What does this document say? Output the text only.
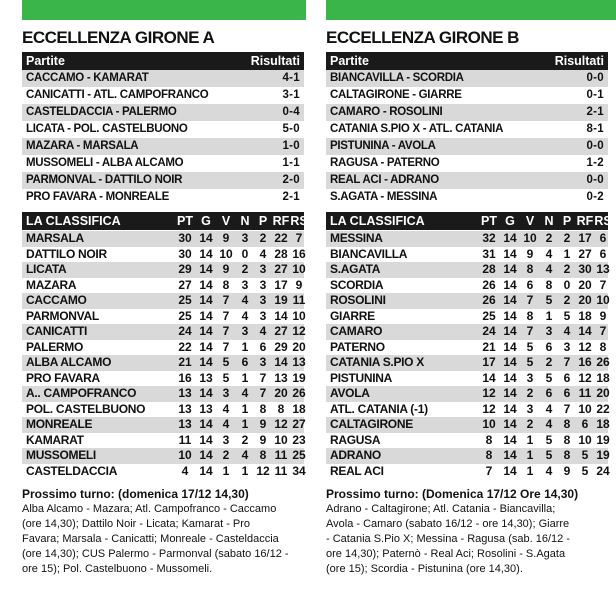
ECCELLENZA GIRONE A
Partite	Risultati
CACCAMO - KAMARAT	4-1
CANICATTI - ATL. CAMPOFRANCO	3-1
CASTELDACCIA - PALERMO	0-4
LICATA - POL. CASTELBUONO	5-0
MAZARA - MARSALA	1-0
MUSSOMELI - ALBA ALCAMO	1-1
PARMONVAL - DATTILO NOIR	2-0
PRO FAVARA - MONREALE	2-1
LA CLASSIFICA	PT G V N P RF RS
MARSALA	30 14 9	3 2 22 7
DATTILO NOIR	30 14 10 0 4 28 16
LICATA	29 14 9	2 3 27 10
MAZARA	27 14 8	3 3 17 9
CACCAMO	25 14 7	4 3 19 11
PARMONVAL	25 14 7	4 3 14 10
CANICATTI	24 14 7	3 4 27 12
PALERMO	22 14 7	1 6 29 20
ALBA ALCAMO	21 14 5	6 3 14 13
PRO FAVARA	16 13 5	1 7 13 19
A.. CAMPOFRANCO	13 14 3	4 7 20 26
POL. CASTELBUONO	13 13 4	1 8 8 18
MONREALE	13 14 4	1 9 12 27
KAMARAT	11 14 3	2 9 10 23
MUSSOMELI	10 14 2	4 8 11 25
CASTELDACCIA	4 14 1	1 12 11 34
Prossimo turno: (domenica 17/12 14,30)
Alba Alcamo - Mazara; Atl. Campofranco - Caccamo
(ore 14,30); Dattilo Noir - Licata; Kamarat - Pro
Favara; Marsala - Canicatti; Monreale - Casteldaccia
(ore 14,30); CUS Palermo - Parmonval (sabato 16/12 -
ore 15); Pol. Castelbuono - Mussomeli.
ECCELLENZA GIRONE B
Partite	Risultati
BIANCAVILLA - SCORDIA	0-0
CALTAGIRONE - GIARRE	0-1
CAMARO - ROSOLINI	2-1
CATANIA S.PIO X - ATL. CATANIA	8-1
PISTUNINA - AVOLA	0-0
RAGUSA - PATERNO	1-2
REAL ACI - ADRANO	0-0
S.AGATA - MESSINA	0-2
LA CLASSIFICA	PT G V N P RF RS
MESSINA	32 14 10 2 2 17 6
BIANCAVILLA	31 14 9	4 1 27 6
S.AGATA	28 14 8	4 2 30 13
SCORDIA	26 14 6	8 0 20 7
ROSOLINI	26 14 7	5 2 20 10
GIARRE	25 14 8	1 5 18 9
CAMARO	24 14 7	3 4 14 7
PATERNO	21 14 5	6 3 12 8
CATANIA S.PIO X	17 14 5	2 7 16 26
PISTUNINA	14 14 3	5 6 12 18
AVOLA	12 14 2	6 6 11 20
ATL. CATANIA (-1)	12 14 3	4 7 10 22
CALTAGIRONE	10 14 2	4 8 6 18
RAGUSA	8 14 1	5 8 10 19
ADRANO	8 14 1	5 8 5 19
REAL ACI	7 14 1	4 9 5 24
Prossimo turno: (Domenica 17/12 Ore 14,30)
Adrano - Caltagirone; Atl. Catania - Biancavilla;
Avola - Camaro (sabato 16/12 - ore 14,30); Giarre
- Catania S.Pio X; Messina - Ragusa (sab. 16/12 -
ore 14,30); Paternò - Real Aci; Rosolini - S.Agata
(ore 15); Scordia - Pistunina (ore 14,30).
